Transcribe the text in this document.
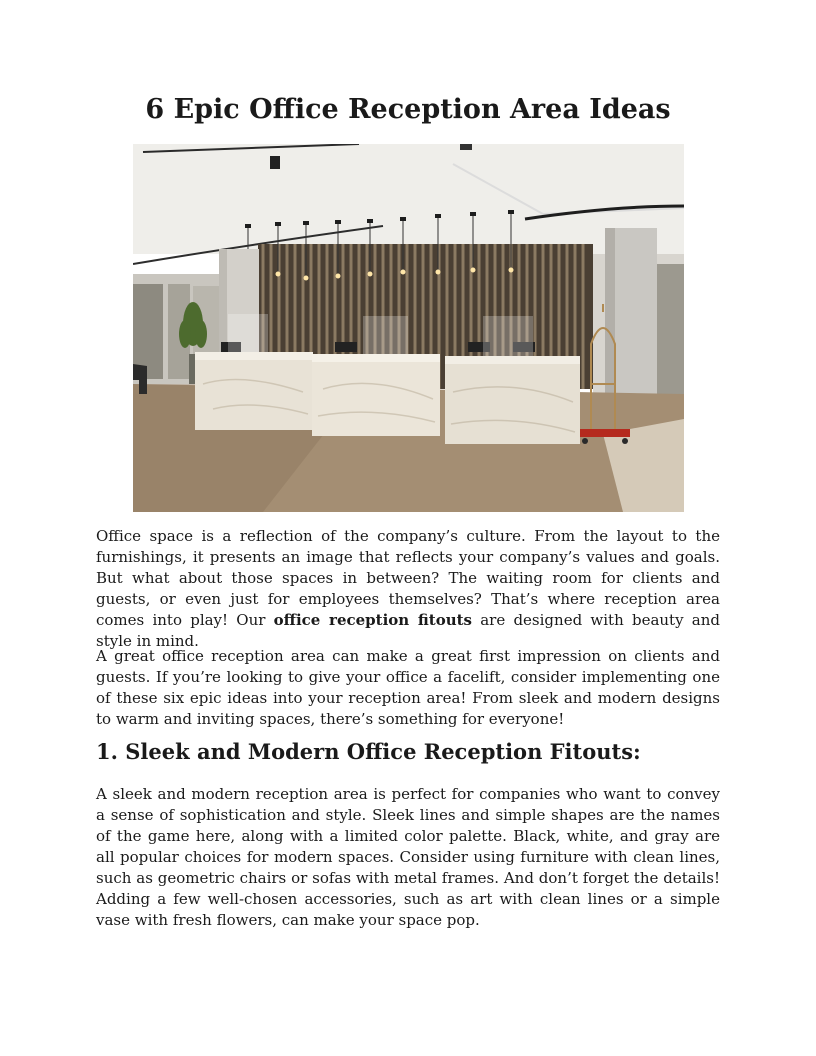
6 Epic Office Reception Area Ideas

Office space is a reflection of the company’s culture. From the layout to the furnishings, it presents an image that reflects your company’s values and goals. But what about those spaces in between? The waiting room for clients and guests, or even just for employees themselves? That’s where reception area comes into play! Our office reception fitouts are designed with beauty and style in mind.

A great office reception area can make a great first impression on clients and guests. If you’re looking to give your office a facelift, consider implementing one of these six epic ideas into your reception area! From sleek and modern designs to warm and inviting spaces, there’s something for everyone!

1. Sleek and Modern Office Reception Fitouts:

A sleek and modern reception area is perfect for companies who want to convey a sense of sophistication and style. Sleek lines and simple shapes are the names of the game here, along with a limited color palette. Black, white, and gray are all popular choices for modern spaces. Consider using furniture with clean lines, such as geometric chairs or sofas with metal frames. And don’t forget the details! Adding a few well-chosen accessories, such as art with clean lines or a simple vase with fresh flowers, can make your space pop.
